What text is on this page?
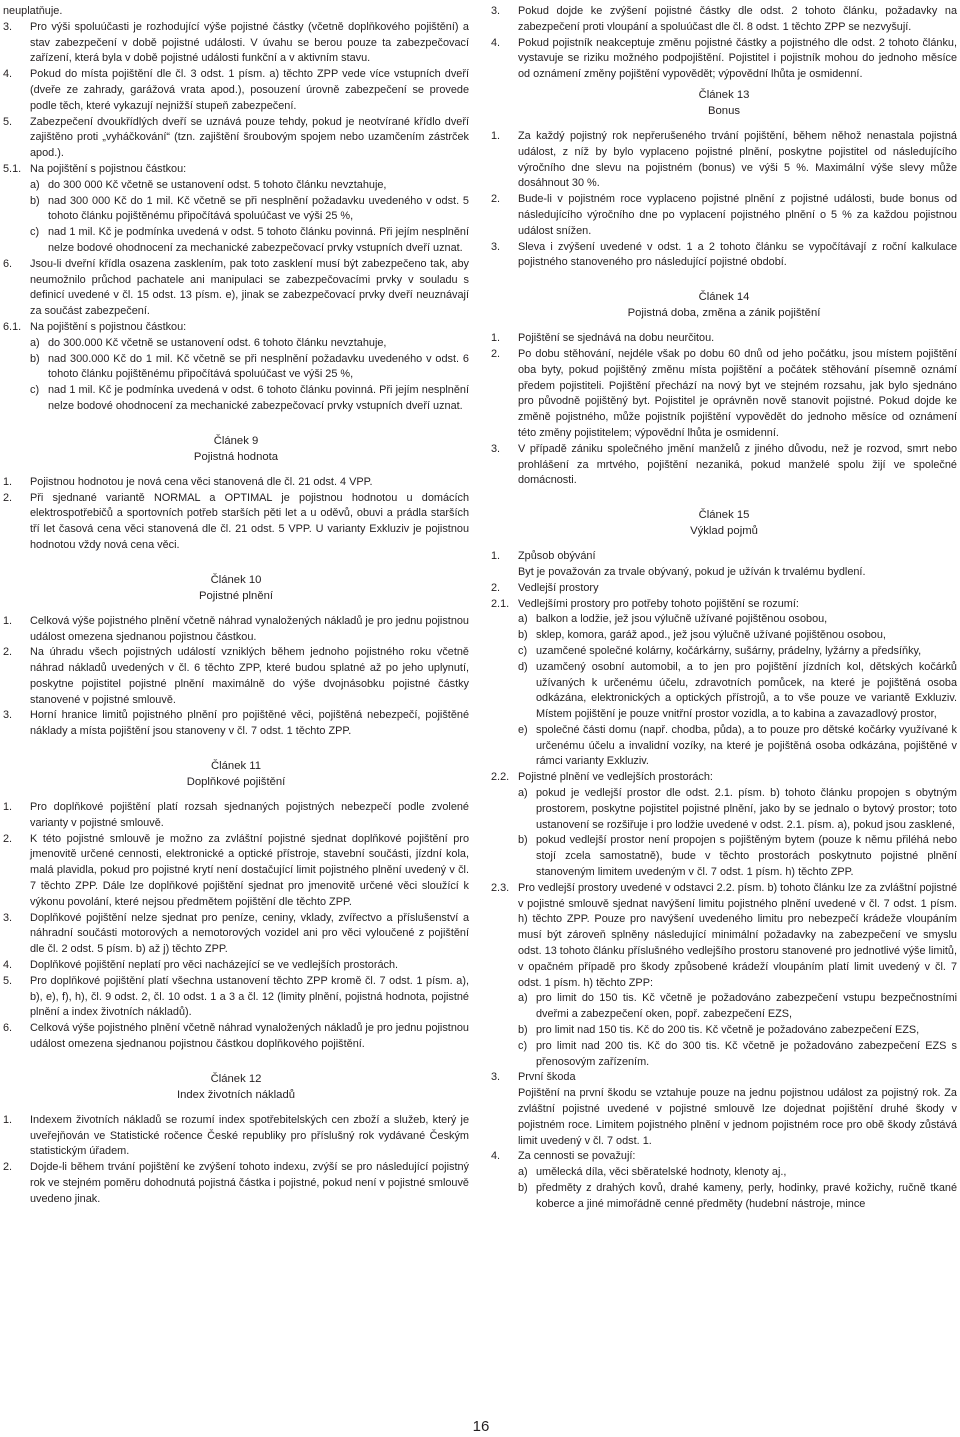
neuplatňuje.
3.	Pro výši spoluúčasti je rozhodující výše pojistné částky (včetně doplňkového pojištění) a stav zabezpečení v době pojistné události. V úvahu se berou pouze ta zabezpečovací zařízení, která byla v době pojistné události funkční a v aktivním stavu.
4.	Pokud do místa pojištění dle čl. 3 odst. 1 písm. a) těchto ZPP vede více vstupních dveří (dveře ze zahrady, garážová vrata apod.), posouzení úrovně zabezpečení se provede podle těch, které vykazují nejnižší stupeň zabezpečení.
5.	Zabezpečení dvoukřídlých dveří se uznává pouze tehdy, pokud je neotvírané křídlo dveří zajištěno proti „vyháčkování“ (tzn. zajištění šroubovým spojem nebo uzamčením zástrček apod.).
5.1. Na pojištění s pojistnou částkou:
a) do 300 000 Kč včetně se ustanovení odst. 5 tohoto článku nevztahuje,
b) nad 300 000 Kč do 1 mil. Kč včetně se při nesplnění požadavku uvedeného v odst. 5 tohoto článku pojištěnému připočítává spoluúčast ve výši 25 %,
c) nad 1 mil. Kč je podmínka uvedená v odst. 5 tohoto článku povinná. Při jejím nesplnění nelze bodové ohodnocení za mechanické zabezpečovací prvky vstupních dveří uznat.
6.	Jsou-li dveřní křídla osazena zasklením, pak toto zasklení musí být zabezpečeno tak, aby neumožnilo průchod pachatele ani manipulaci se zabezpečovacími prvky v souladu s definicí uvedené v čl. 15 odst. 13 písm. e), jinak se zabezpečovací prvky dveří neuznávají za součást zabezpečení.
6.1. Na pojištění s pojistnou částkou:
a) do 300.000 Kč včetně se ustanovení odst. 6 tohoto článku nevztahuje,
b) nad 300.000 Kč do 1 mil. Kč včetně se při nesplnění požadavku uvedeného v odst. 6 tohoto článku pojištěnému připočítává spoluúčast ve výši 25 %,
c) nad 1 mil. Kč je podmínka uvedená v odst. 6 tohoto článku povinná. Při jejím nesplnění nelze bodové ohodnocení za mechanické zabezpečovací prvky vstupních dveří uznat.
Článek 9
Pojistná hodnota
1.	Pojistnou hodnotou je nová cena věci stanovená dle čl. 21 odst. 4 VPP.
2.	Při sjednané variantě NORMAL a OPTIMAL je pojistnou hodnotou u domácích elektrospotřebičů a sportovních potřeb starších pěti let a u oděvů, obuvi a prádla starších tří let časová cena věci stanovená dle čl. 21 odst. 5 VPP. U varianty Exkluziv je pojistnou hodnotou vždy nová cena věci.
Článek 10
Pojistné plnění
1.	Celková výše pojistného plnění včetně náhrad vynaložených nákladů je pro jednu pojistnou událost omezena sjednanou pojistnou částkou.
2.	Na úhradu všech pojistných událostí vzniklých během jednoho pojistného roku včetně náhrad nákladů uvedených v čl. 6 těchto ZPP, které budou splatné až po jeho uplynutí, poskytne pojistitel pojistné plnění maximálně do výše dvojnásobku pojistné částky stanovené v pojistné smlouvě.
3.	Horní hranice limitů pojistného plnění pro pojištěné věci, pojištěná nebezpečí, pojištěné náklady a místa pojištění jsou stanoveny v čl. 7 odst. 1 těchto ZPP.
Článek 11
Doplňkové pojištění
1.	Pro doplňkové pojištění platí rozsah sjednaných pojistných nebezpečí podle zvolené varianty v pojistné smlouvě.
2.	K této pojistné smlouvě je možno za zvláštní pojistné sjednat doplňkové pojištění pro jmenovitě určené cennosti, elektronické a optické přístroje, stavební součásti, jízdní kola, malá plavidla, pokud pro pojistné krytí není dostačující limit pojistného plnění uvedený v čl. 7 těchto ZPP. Dále lze doplňkové pojištění sjednat pro jmenovitě určené věci sloužící k výkonu povolání, které nejsou předmětem pojištění dle těchto ZPP.
3.	Doplňkové pojištění nelze sjednat pro peníze, ceniny, vklady, zvířectvo a příslušenství a náhradní součásti motorových a nemotorových vozidel ani pro věci vyloučené z pojištění dle čl. 2 odst. 5 písm. b) až j) těchto ZPP.
4.	Doplňkové pojištění neplatí pro věci nacházející se ve vedlejších prostorách.
5.	Pro doplňkové pojištění platí všechna ustanovení těchto ZPP kromě čl. 7 odst. 1 písm. a), b), e), f), h), čl. 9 odst. 2, čl. 10 odst. 1 a 3 a čl. 12 (limity plnění, pojistná hodnota, pojistné plnění a index životních nákladů).
6.	Celková výše pojistného plnění včetně náhrad vynaložených nákladů je pro jednu pojistnou událost omezena sjednanou pojistnou částkou doplňkového pojištění.
Článek 12
Index životních nákladů
1.	Indexem životních nákladů se rozumí index spotřebitelských cen zboží a služeb, který je uveřejňován ve Statistické ročence České republiky pro příslušný rok vydávané Českým statistickým úřadem.
2.	Dojde-li během trvání pojištění ke zvýšení tohoto indexu, zvýší se pro následující pojistný rok ve stejném poměru dohodnutá pojistná částka i pojistné, pokud není v pojistné smlouvě uvedeno jinak.
3.	Pokud dojde ke zvýšení pojistné částky dle odst. 2 tohoto článku, požadavky na zabezpečení proti vloupání a spoluúčast dle čl. 8 odst. 1 těchto ZPP se nezvyšují.
4.	Pokud pojistník neakceptuje změnu pojistné částky a pojistného dle odst. 2 tohoto článku, vystavuje se riziku možného podpojištění. Pojistitel i pojistník mohou do jednoho měsíce od oznámení změny pojištění vypovědět; výpovědní lhůta je osmidenní.
Článek 13
Bonus
1.	Za každý pojistný rok nepřerušeného trvání pojištění, během něhož nenastala pojistná událost, z níž by bylo vyplaceno pojistné plnění, poskytne pojistitel od následujícího výročního dne slevu na pojistném (bonus) ve výši 5 %. Maximální výše slevy může dosáhnout 30 %.
2.	Bude-li v pojistném roce vyplaceno pojistné plnění z pojistné události, bude bonus od následujícího výročního dne po vyplacení pojistného plnění o 5 % za každou pojistnou událost snížen.
3.	Sleva i zvýšení uvedené v odst. 1 a 2 tohoto článku se vypočítávají z roční kalkulace pojistného stanoveného pro následující pojistné období.
Článek 14
Pojistná doba, změna a zánik pojištění
1.	Pojištění se sjednává na dobu neurčitou.
2.	Po dobu stěhování, nejdéle však po dobu 60 dnů od jeho počátku, jsou místem pojištění oba byty, pokud pojištěný změnu místa pojištění a počátek stěhování písemně oznámí předem pojistiteli. Pojištění přechází na nový byt ve stejném rozsahu, jak bylo sjednáno pro původně pojištěný byt. Pojistitel je oprávněn nově stanovit pojistné. Pokud dojde ke změně pojistného, může pojistník pojištění vypovědět do jednoho měsíce od oznámení této změny pojistitelem; výpovědní lhůta je osmidenní.
3.	V případě zániku společného jmění manželů z jiného důvodu, než je rozvod, smrt nebo prohlášení za mrtvého, pojištění nezaniká, pokud manželé spolu žijí ve společné domácnosti.
Článek 15
Výklad pojmů
1.	Způsob obývání
Byt je považován za trvale obývaný, pokud je užíván k trvalému bydlení.
2.	Vedlejší prostory
2.1. Vedlejšími prostory pro potřeby tohoto pojištění se rozumí:
a) balkon a lodžie, jež jsou výlučně užívané pojištěnou osobou,
b) sklep, komora, garáž apod., jež jsou výlučně užívané pojištěnou osobou,
c) uzamčené společné kolárny, kočárkárny, sušárny, prádelny, lyžárny a předsíňky,
d) uzamčený osobní automobil, a to jen pro pojištění jízdních kol, dětských kočárků užívaných k určenému účelu, zdravotních pomůcek, na které je pojištěná osoba odkázána, elektronických a optických přístrojů, a to vše pouze ve variantě Exkluziv. Místem pojištění je pouze vnitřní prostor vozidla, a to kabina a zavazadlový prostor,
e) společné části domu (např. chodba, půda), a to pouze pro dětské kočárky využívané k určenému účelu a invalidní vozíky, na které je pojištěná osoba odkázána, pojištěné v rámci varianty Exkluziv.
2.2. Pojistné plnění ve vedlejších prostorách:
a) pokud je vedlejší prostor dle odst. 2.1. písm. b) tohoto článku propojen s obytným prostorem, poskytne pojistitel pojistné plnění, jako by se jednalo o bytový prostor; toto ustanovení se rozšiřuje i pro lodžie uvedené v odst. 2.1. písm. a), pokud jsou zasklené,
b) pokud vedlejší prostor není propojen s pojištěným bytem (pouze k němu přiléhá nebo stojí zcela samostatně), bude v těchto prostorách poskytnuto pojistné plnění stanoveným limitem uvedeným v čl. 7 odst. 1 písm. h) těchto ZPP.
2.3. Pro vedlejší prostory uvedené v odstavci 2.2. písm. b) tohoto článku lze za zvláštní pojistné v pojistné smlouvě sjednat navýšení limitu pojistného plnění uvedené v čl. 7 odst. 1 písm. h) těchto ZPP. Pouze pro navýšení uvedeného limitu pro nebezpečí krádeže vloupáním musí být zároveň splněny následující minimální požadavky na zabezpečení ve smyslu odst. 13 tohoto článku příslušného vedlejšího prostoru stanovené pro jednotlivé výše limitů, v opačném případě pro škody způsobené krádeží vloupáním platí limit uvedený v čl. 7 odst. 1 písm. h) těchto ZPP:
a) pro limit do 150 tis. Kč včetně je požadováno zabezpečení vstupu bezpečnostními dveřmi a zabezpečení oken, popř. zabezpečení EZS,
b) pro limit nad 150 tis. Kč do 200 tis. Kč včetně je požadováno zabezpečení EZS,
c) pro limit nad 200 tis. Kč do 300 tis. Kč včetně je požadováno zabezpečení EZS s přenosovým zařízením.
3.	První škoda
Pojištění na první škodu se vztahuje pouze na jednu pojistnou událost za pojistný rok. Za zvláštní pojistné uvedené v pojistné smlouvě lze dojednat pojištění druhé škody v pojistném roce. Limitem pojistného plnění v jednom pojistném roce pro obě škody zůstává limit uvedený v čl. 7 odst. 1.
4.	Za cennosti se považují:
a) umělecká díla, věci sběratelské hodnoty, klenoty aj.,
b) předměty z drahých kovů, drahé kameny, perly, hodinky, pravé kožichy, ručně tkané koberce a jiné mimořádně cenné předměty (hudební nástroje, mince
16
